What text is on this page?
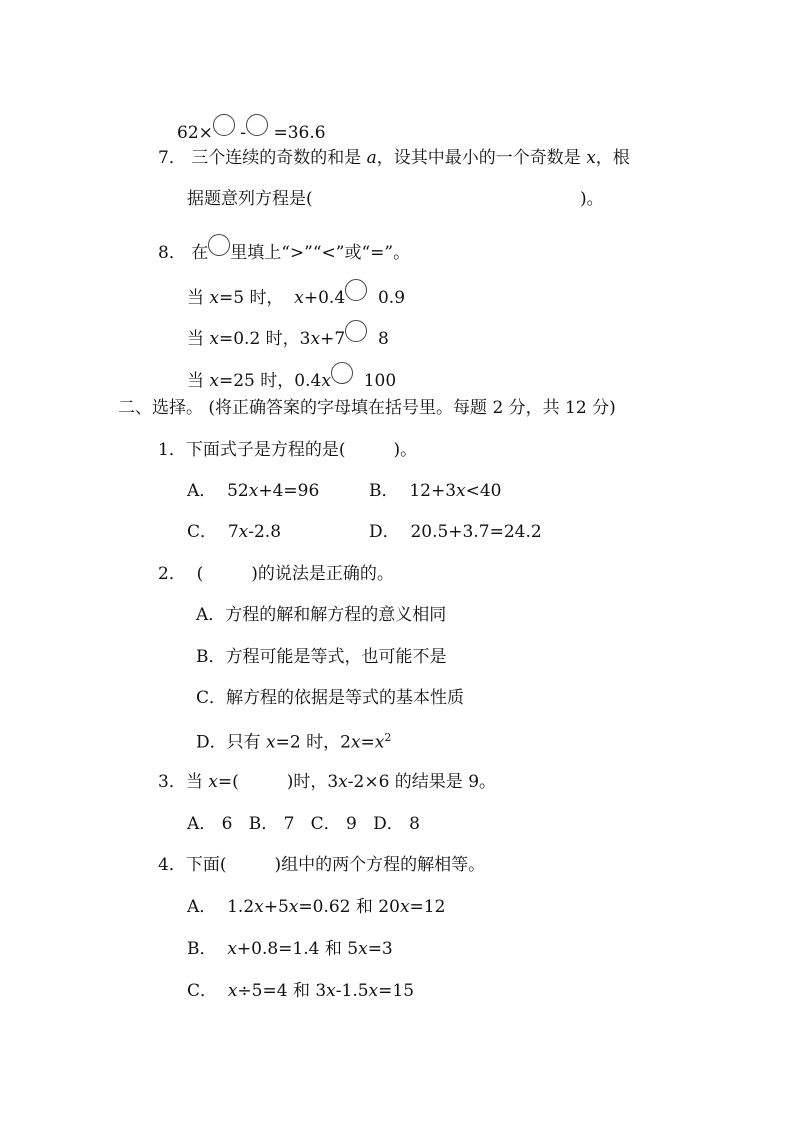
62× - =36.6
7． 三个连续的奇数的和是 a，设其中最小的一个奇数是 x，根
据题意列方程是(	)。
8． 在 里填上“>”“<”或“=”。
当 x=5 时， x+0.4 0.9
当 x=0.2 时，3x+7 8
当 x=25 时，0.4x 100
二、选择。 (将正确答案的字母填在括号里。每题 2 分，共 12 分)
1．下面式子是方程的是(	)。
A． 52x+4=96	B． 12+3x<40
C． 7x-2.8	D． 20.5+3.7=24.2
2． (	)的说法是正确的。
A．方程的解和解方程的意义相同
B．方程可能是等式，也可能不是
C．解方程的依据是等式的基本性质
D．只有 x=2 时，$2x=x^2$
3．当 x=(	)时，3x-2×6 的结果是 9。
A． 6   B． 7   C． 9   D． 8
4．下面(	)组中的两个方程的解相等。
A． 1.2x+5x=0.62 和 20x=12
B． x+0.8=1.4 和 5x=3
C． x÷5=4 和 3x-1.5x=15
